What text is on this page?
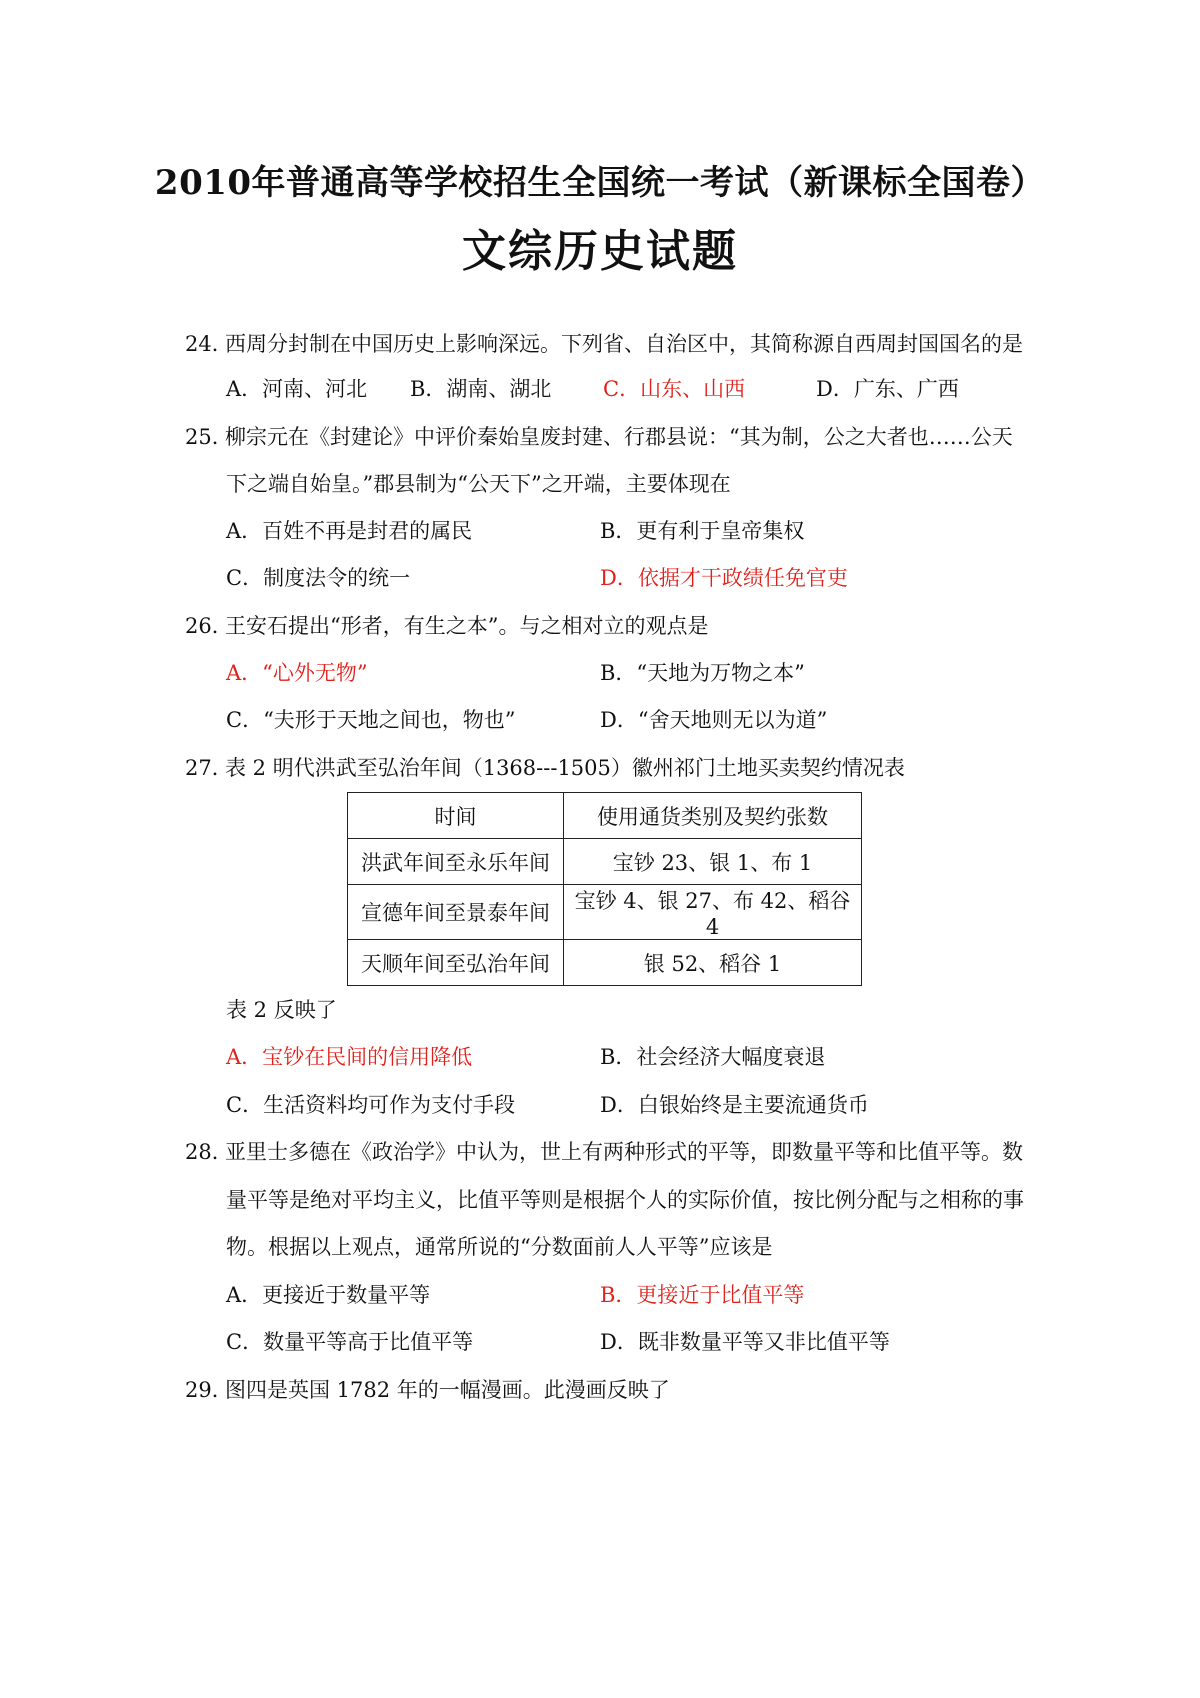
2010年普通高等学校招生全国统一考试（新课标全国卷）
文综历史试题
24．西周分封制在中国历史上影响深远。下列省、自治区中，其简称源自西周封国国名的是
A．河南、河北 B．湖南、湖北 C．山东、山西	D．广东、广西
25．柳宗元在《封建论》中评价秦始皇废封建、行郡县说：“其为制，公之大者也……公天
下之端自始皇。”郡县制为“公天下”之开端，主要体现在
A．百姓不再是封君的属民	B．更有利于皇帝集权
C．制度法令的统一	D．依据才干政绩任免官吏
26．王安石提出“形者，有生之本”。与之相对立的观点是
A．“心外无物”	B．“天地为万物之本”
C．“夫形于天地之间也，物也”	D．“舍天地则无以为道”
27．表 2 明代洪武至弘治年间（1368---1505）徽州祁门土地买卖契约情况表
时间	使用通货类别及契约张数
洪武年间至永乐年间	宝钞 23、银 1、布 1
宣德年间至景泰年间	宝钞 4、银 27、布 42、稻谷 4
天顺年间至弘治年间	银 52、稻谷 1
表 2 反映了
A．宝钞在民间的信用降低	B．社会经济大幅度衰退
C．生活资料均可作为支付手段	D．白银始终是主要流通货币
28．亚里士多德在《政治学》中认为，世上有两种形式的平等，即数量平等和比值平等。数
量平等是绝对平均主义，比值平等则是根据个人的实际价值，按比例分配与之相称的事
物。根据以上观点，通常所说的“分数面前人人平等”应该是
A．更接近于数量平等	B．更接近于比值平等
C．数量平等高于比值平等	D．既非数量平等又非比值平等
29．图四是英国 1782 年的一幅漫画。此漫画反映了
